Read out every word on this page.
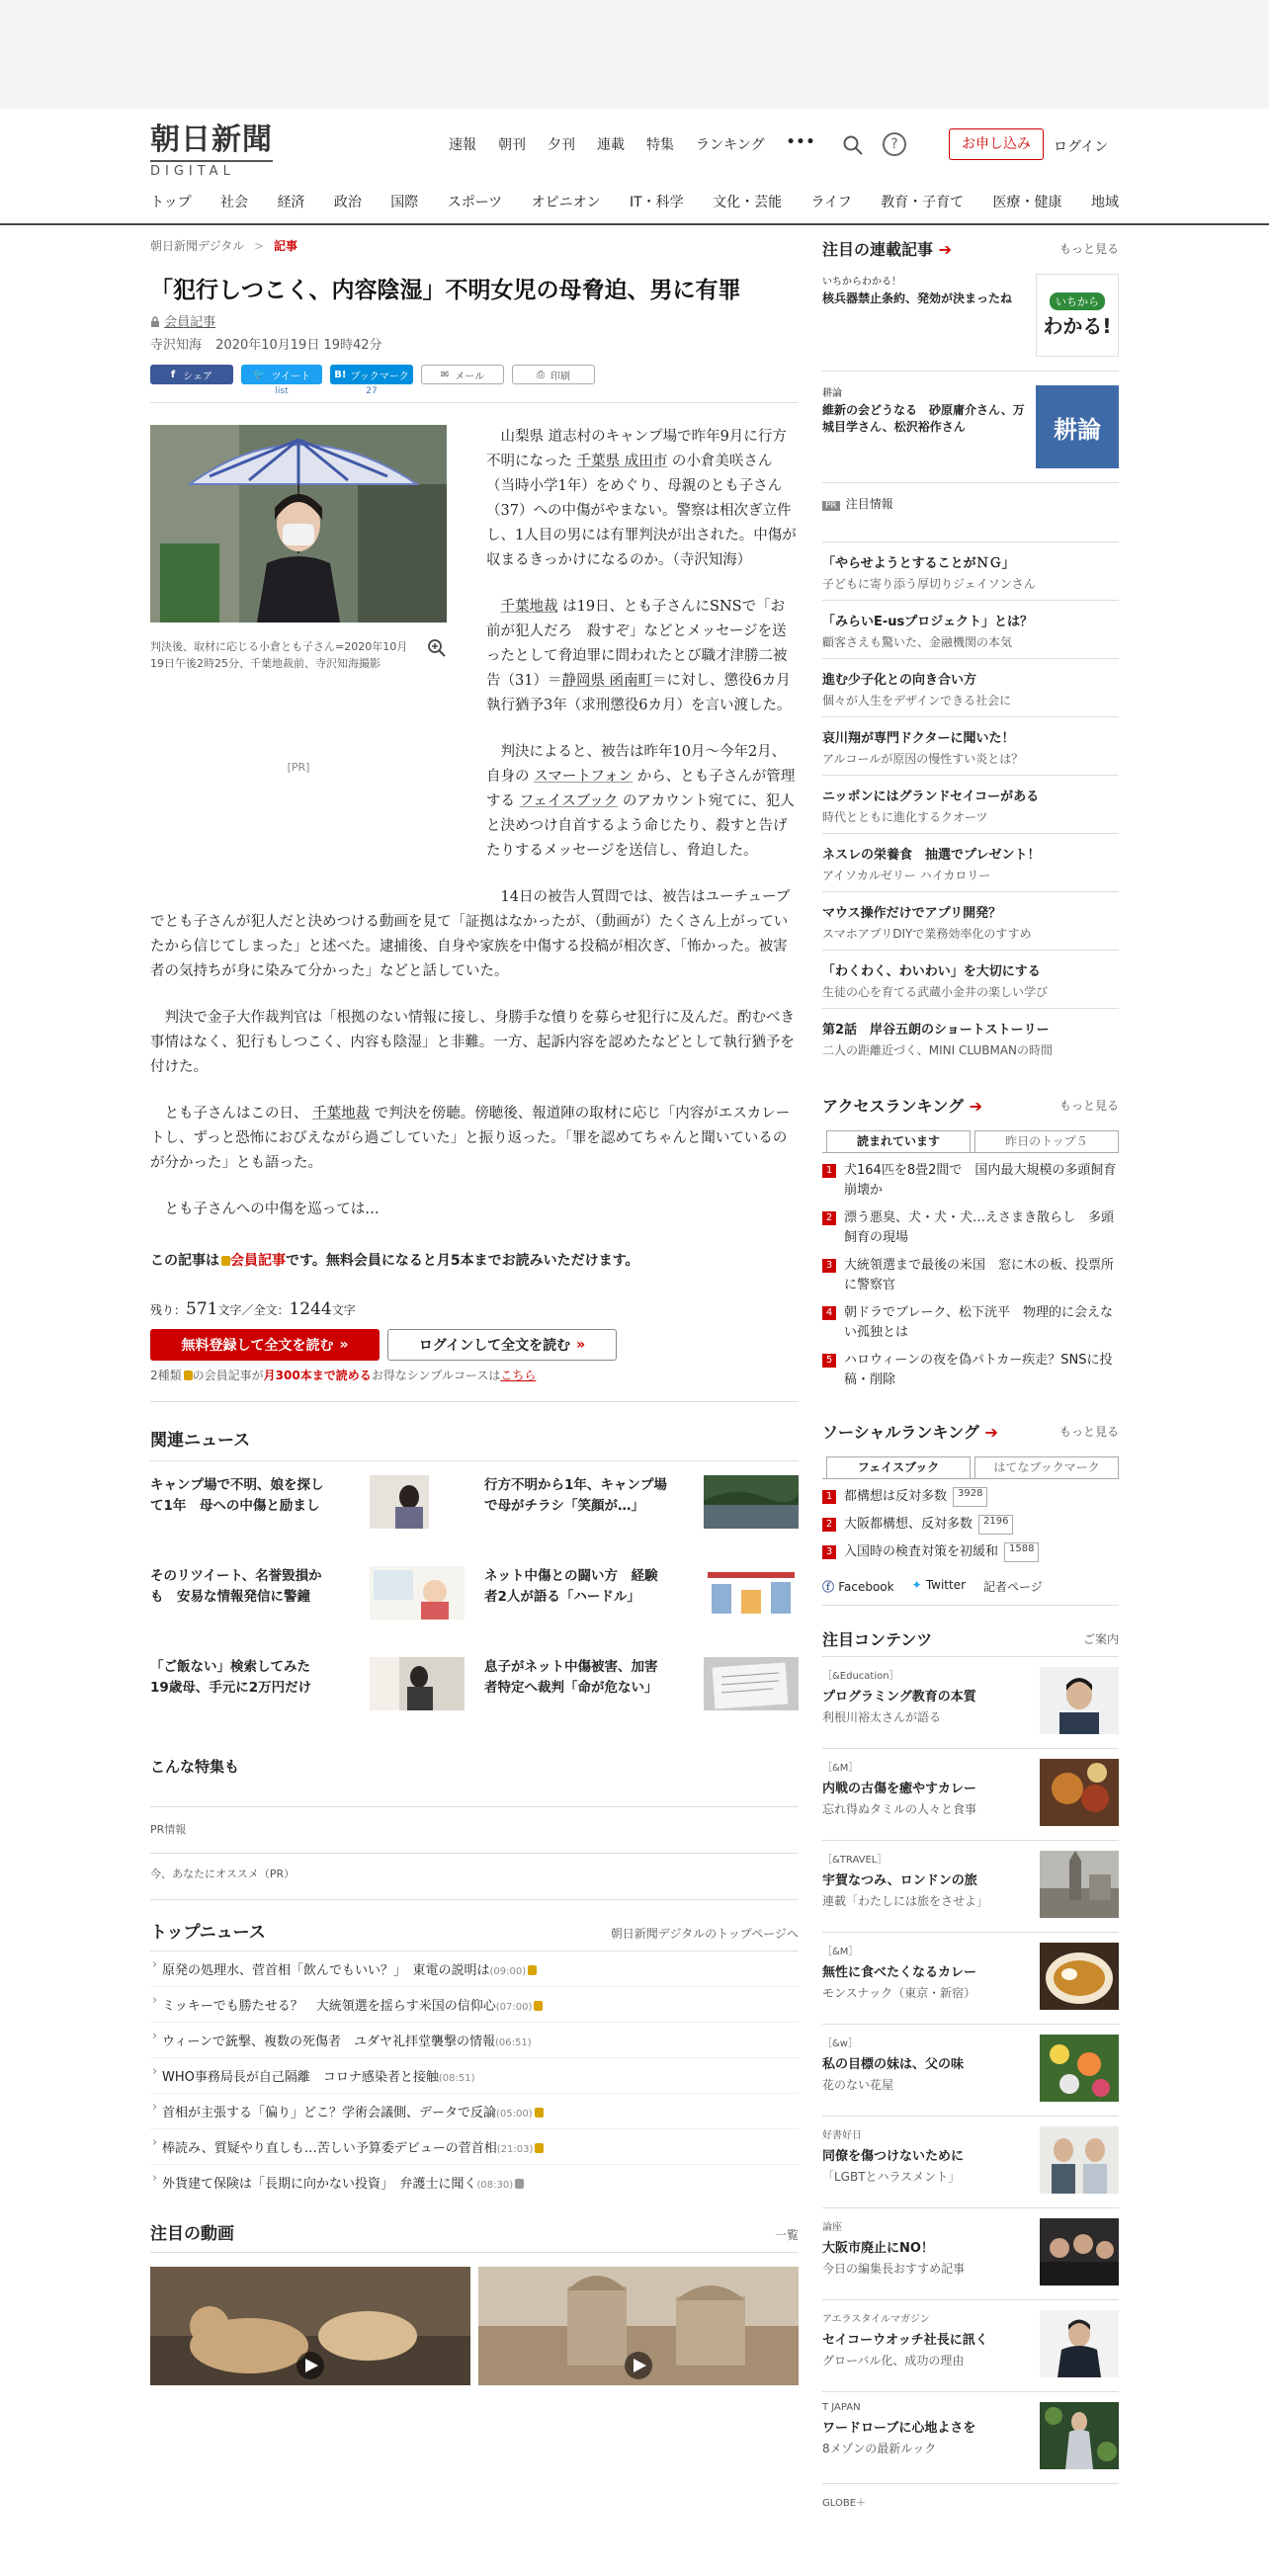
朝日新聞
DIGITAL
速報 朝刊 夕刊 連載 特集 ランキング •••	?	お申し込み	ログイン
トップ 社会 経済 政治 国際 スポーツ オピニオン IT・科学 文化・芸能 ライフ 教育・子育て 医療・健康 地域
朝日新聞デジタル > 記事
「犯行しつこく、内容陰湿」不明女児の母脅迫、男に有罪
会員記事
寺沢知海 2020年10月19日 19時42分
f シェア	🐦 ツイート
list
B! ブックマーク
27
✉ メール	⎙ 印刷
判決後、取材に応じる小倉とも子さん=2020年10月19日午後2時25分、千葉地裁前、寺沢知海撮影
[PR]

山梨県 道志村のキャンプ場で昨年9月に行方不明になった 千葉県 成田市 の小倉美咲さん（当時小学1年）をめぐり、母親のとも子さん（37）への中傷がやまない。警察は相次ぎ立件し、1人目の男には有罪判決が出された。中傷が収まるきっかけになるのか。（寺沢知海）

千葉地裁 は19日、とも子さんにSNSで「お前が犯人だろ　殺すぞ」などとメッセージを送ったとして脅迫罪に問われたとび職才津勝二被告（31）＝静岡県 函南町＝に対し、懲役6カ月執行猶予3年（求刑懲役6カ月）を言い渡した。

判決によると、被告は昨年10月～今年2月、自身の スマートフォン から、とも子さんが管理する フェイスブック のアカウント宛てに、犯人と決めつけ自首するよう命じたり、殺すと告げたりするメッセージを送信し、脅迫した。

14日の被告人質問では、被告はユーチューブでとも子さんが犯人だと決めつける動画を見て「証拠はなかったが、（動画が）たくさん上がっていたから信じてしまった」と述べた。逮捕後、自身や家族を中傷する投稿が相次ぎ、「怖かった。被害者の気持ちが身に染みて分かった」などと話していた。

判決で金子大作裁判官は「根拠のない情報に接し、身勝手な憤りを募らせ犯行に及んだ。酌むべき事情はなく、犯行もしつこく、内容も陰湿」と非難。一方、起訴内容を認めたなどとして執行猶予を付けた。

とも子さんはこの日、 千葉地裁 で判決を傍聴。傍聴後、報道陣の取材に応じ「内容がエスカレートし、ずっと恐怖におびえながら過ごしていた」と振り返った。「罪を認めてちゃんと聞いているのが分かった」とも語った。

とも子さんへの中傷を巡っては…

この記事は 会員記事です。無料会員になると月5本までお読みいただけます。
残り：571文字／全文：1244文字
無料登録して全文を読む »	ログインして全文を読む »
2種類 の会員記事が月300本まで読めるお得なシンプルコースはこちら
関連ニュース
キャンプ場で不明、娘を探して1年　母への中傷と励まし
行方不明から1年、キャンプ場で母がチラシ「笑顔が…」
そのリツイート、名誉毀損かも　安易な情報発信に警鐘
ネット中傷との闘い方　経験者2人が語る「ハードル」
「ご飯ない」検索してみた　19歳母、手元に2万円だけ
息子がネット中傷被害、加害者特定へ裁判「命が危ない」
こんな特集も
PR情報
今、あなたにオススメ（PR）
トップニュース	朝日新聞デジタルのトップページへ
› 原発の処理水、菅首相「飲んでもいい？」　東電の説明は(09:00)
› ミッキーでも勝たせる？　大統領選を揺らす米国の信仰心(07:00)
› ウィーンで銃撃、複数の死傷者　ユダヤ礼拝堂襲撃の情報(06:51)
› WHO事務局長が自己隔離　コロナ感染者と接触(08:51)
› 首相が主張する「偏り」どこ？学術会議側、データで反論(05:00)
› 棒読み、質疑やり直しも…苦しい予算委デビューの菅首相(21:03)
› 外貨建て保険は「長期に向かない投資」　弁護士に聞く(08:30)
注目の動画	一覧
注目の連載記事 ➔	もっと見る
いちからわかる！
核兵器禁止条約、発効が決まったね	いちから
わかる!
耕論
維新の会どうなる　砂原庸介さん、万城目学さん、松沢裕作さん	耕論
PR 注目情報
「やらせようとすることがＮＧ」
子どもに寄り添う厚切りジェイソンさん
「みらいE-usプロジェクト」とは？
顧客さえも驚いた、金融機関の本気
進む少子化との向き合い方
個々が人生をデザインできる社会に
哀川翔が専門ドクターに聞いた！
アルコールが原因の慢性すい炎とは？
ニッポンにはグランドセイコーがある
時代とともに進化するクオーツ
ネスレの栄養食　抽選でプレゼント！
アイソカルゼリー ハイカロリー
マウス操作だけでアプリ開発？
スマホアプリDIYで業務効率化のすすめ
「わくわく、わいわい」を大切にする
生徒の心を育てる武蔵小金井の楽しい学び
第2話　岸谷五朗のショートストーリー
二人の距離近づく、MINI CLUBMANの時間
アクセスランキング ➔	もっと見る
読まれています	昨日のトップ５
1 犬164匹を8畳2間で　国内最大規模の多頭飼育崩壊か
2 漂う悪臭、犬・犬・犬…えさまき散らし　多頭飼育の現場
3 大統領選まで最後の米国　窓に木の板、投票所に警察官
4 朝ドラでブレーク、松下洸平　物理的に会えない孤独とは
5 ハロウィーンの夜を偽パトカー疾走？SNSに投稿・削除
ソーシャルランキング ➔	もっと見る
フェイスブック	はてなブックマーク
1 都構想は反対多数	3928
2 大阪都構想、反対多数	2196
3 入国時の検査対策を初緩和	1588
ⓕ Facebook ✦ Twitter 記者ページ
注目コンテンツ	ご案内
［&Education］
プログラミング教育の本質
利根川裕太さんが語る
［&M］
内戦の古傷を癒やすカレー
忘れ得ぬタミルの人々と食事
［&TRAVEL］
宇賀なつみ、ロンドンの旅
連載「わたしには旅をさせよ」
［&M］
無性に食べたくなるカレー
モンスナック（東京・新宿）
［&w］
私の目標の妹は、父の味
花のない花屋
好書好日
同僚を傷つけないために
「LGBTとハラスメント」
論座
大阪市廃止にNO！
今日の編集長おすすめ記事
アエラスタイルマガジン
セイコーウオッチ社長に訊く
グローバル化、成功の理由
T JAPAN
ワードローブに心地よさを
8メゾンの最新ルック
GLOBE＋
